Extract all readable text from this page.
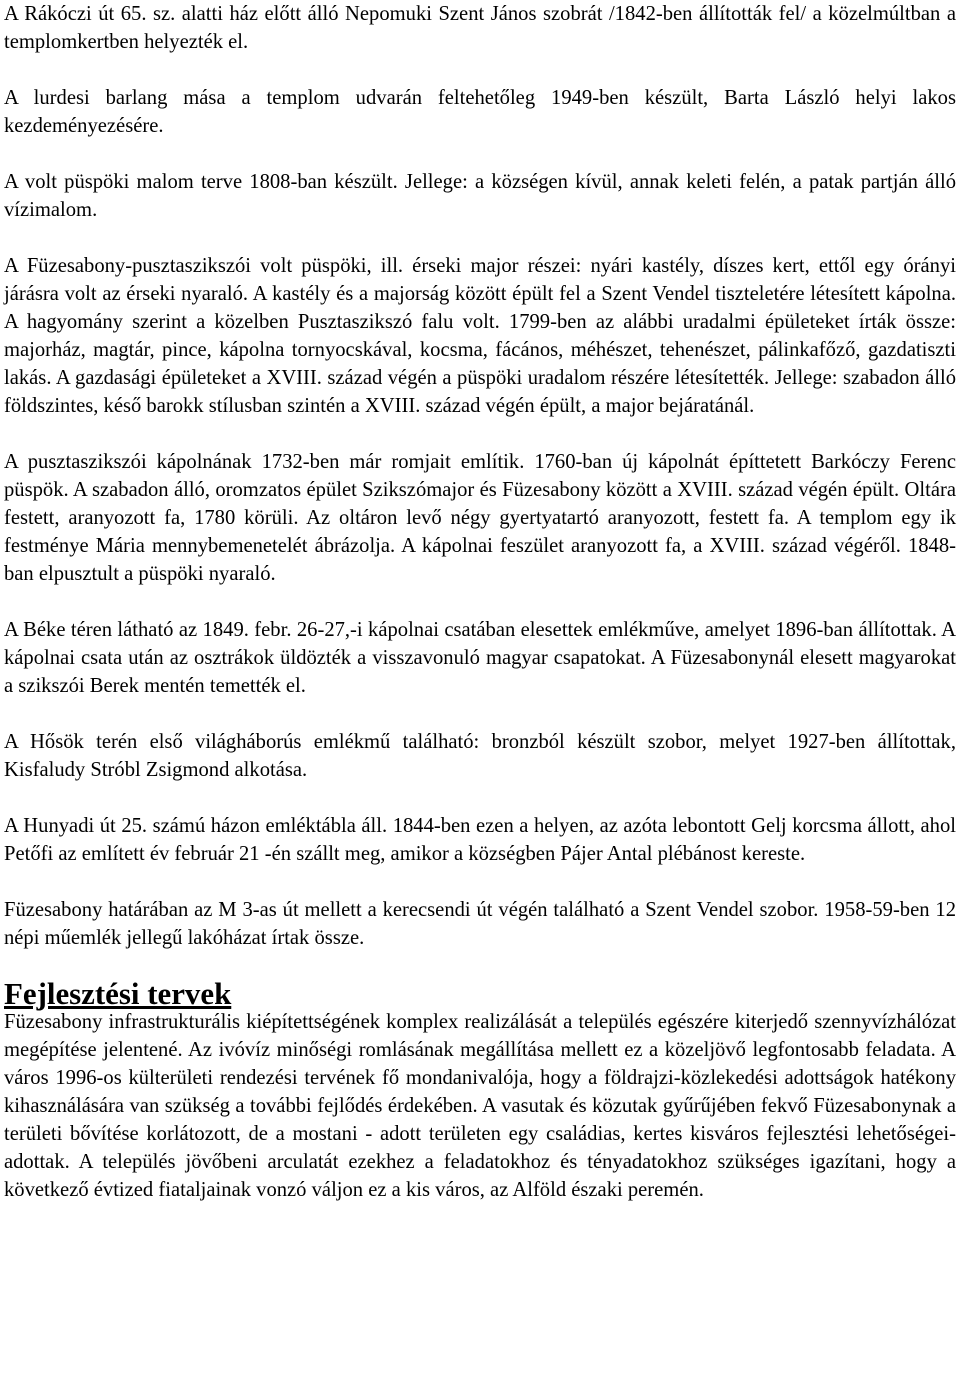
A Rákóczi út 65. sz. alatti ház előtt álló Nepomuki Szent János szobrát /1842-ben állították fel/ a közelmúltban a templomkertben helyezték el.

A lurdesi barlang mása a templom udvarán feltehetőleg 1949-ben készült, Barta László helyi lakos kezdeményezésére.

A volt püspöki malom terve 1808-ban készült. Jellege: a községen kívül, annak keleti felén, a patak partján álló vízimalom.

A Füzesabony-pusztaszikszói volt püspöki, ill. érseki major részei: nyári kastély, díszes kert, ettől egy órányi járásra volt az érseki nyaraló. A kastély és a majorság között épült fel a Szent Vendel tiszteletére létesített kápolna. A hagyomány szerint a közelben Pusztaszikszó falu volt. 1799-ben az alábbi uradalmi épületeket írták össze: majorház, magtár, pince, kápolna tornyocskával, kocsma, fácános, méhészet, tehenészet, pálinkafőző, gazdatiszti lakás. A gazdasági épületeket a XVIII. század végén a püspöki uradalom részére létesítették. Jellege: szabadon álló földszintes, késő barokk stílusban szintén a XVIII. század végén épült, a major bejáratánál.

A pusztaszikszói kápolnának 1732-ben már romjait említik. 1760-ban új kápolnát építtetett Barkóczy Ferenc püspök. A szabadon álló, oromzatos épület Szikszómajor és Füzesabony között a XVIII. század végén épült. Oltára festett, aranyozott fa, 1780 körüli. Az oltáron levő négy gyertyatartó aranyozott, festett fa. A templom egy ik festménye Mária mennybemenetelét ábrázolja. A kápolnai feszület aranyozott fa, a XVIII. század végéről. 1848-ban elpusztult a püspöki nyaraló.

A Béke téren látható az 1849. febr. 26-27,-i kápolnai csatában elesettek emlékműve, amelyet 1896-ban állítottak. A kápolnai csata után az osztrákok üldözték a visszavonuló magyar csapatokat. A Füzesabonynál elesett magyarokat a szikszói Berek mentén temették el.

A Hősök terén első világháborús emlékmű található: bronzból készült szobor, melyet 1927-ben állítottak, Kisfaludy Stróbl Zsigmond alkotása.

A Hunyadi út 25. számú házon emléktábla áll. 1844-ben ezen a helyen, az azóta lebontott Gelj korcsma állott, ahol Petőfi az említett év február 21 -én szállt meg, amikor a községben Pájer Antal plébánost kereste.

Füzesabony határában az M 3-as út mellett a kerecsendi út végén található a Szent Vendel szobor. 1958-59-ben 12 népi műemlék jellegű lakóházat írtak össze.

Fejlesztési tervek

Füzesabony infrastrukturális kiépítettségének komplex realizálását a település egészére kiterjedő szennyvízhálózat megépítése jelentené. Az ivóvíz minőségi romlásának megállítása mellett ez a közeljövő legfontosabb feladata. A város 1996-os külterületi rendezési tervének fő mondanivalója, hogy a földrajzi-közlekedési adottságok hatékony kihasználására van szükség a további fejlődés érdekében. A vasutak és közutak gyűrűjében fekvő Füzesabonynak a területi bővítése korlátozott, de a mostani - adott területen egy családias, kertes kisváros fejlesztési lehetőségei- adottak. A település jövőbeni arculatát ezekhez a feladatokhoz és tényadatokhoz szükséges igazítani, hogy a következő évtized fiataljainak vonzó váljon ez a kis város, az Alföld északi peremén.
